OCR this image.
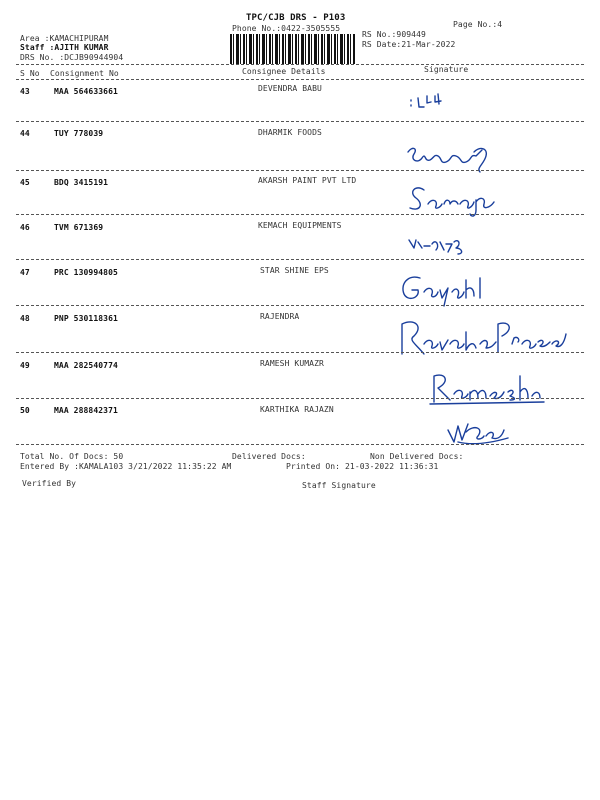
TPC/CJB DRS - P103
Phone No.:0422-3505555	Page No.:4
Area :KAMACHIPURAM
Staff :AJITH KUMAR
DRS No. :DCJB90944904
RS No.:909449
RS Date:21-Mar-2022
S No Consignment No	Consignee Details	Signature
43	MAA 564633661	DEVENDRA BABU
44	TUY 778039	DHARMIK FOODS
45	BDQ 3415191	AKARSH PAINT PVT LTD
46	TVM 671369	KEMACH EQUIPMENTS
47	PRC 130994805	STAR SHINE EPS
48	PNP 530118361	RAJENDRA
49	MAA 282540774	RAMESH KUMAZR
50	MAA 288842371	KARTHIKA RAJAZN
Total No. Of Docs: 50	Delivered Docs:	Non Delivered Docs:
Entered By :KAMALA103 3/21/2022 11:35:22 AM	Printed On: 21-03-2022 11:36:31
Verified By	Staff Signature
